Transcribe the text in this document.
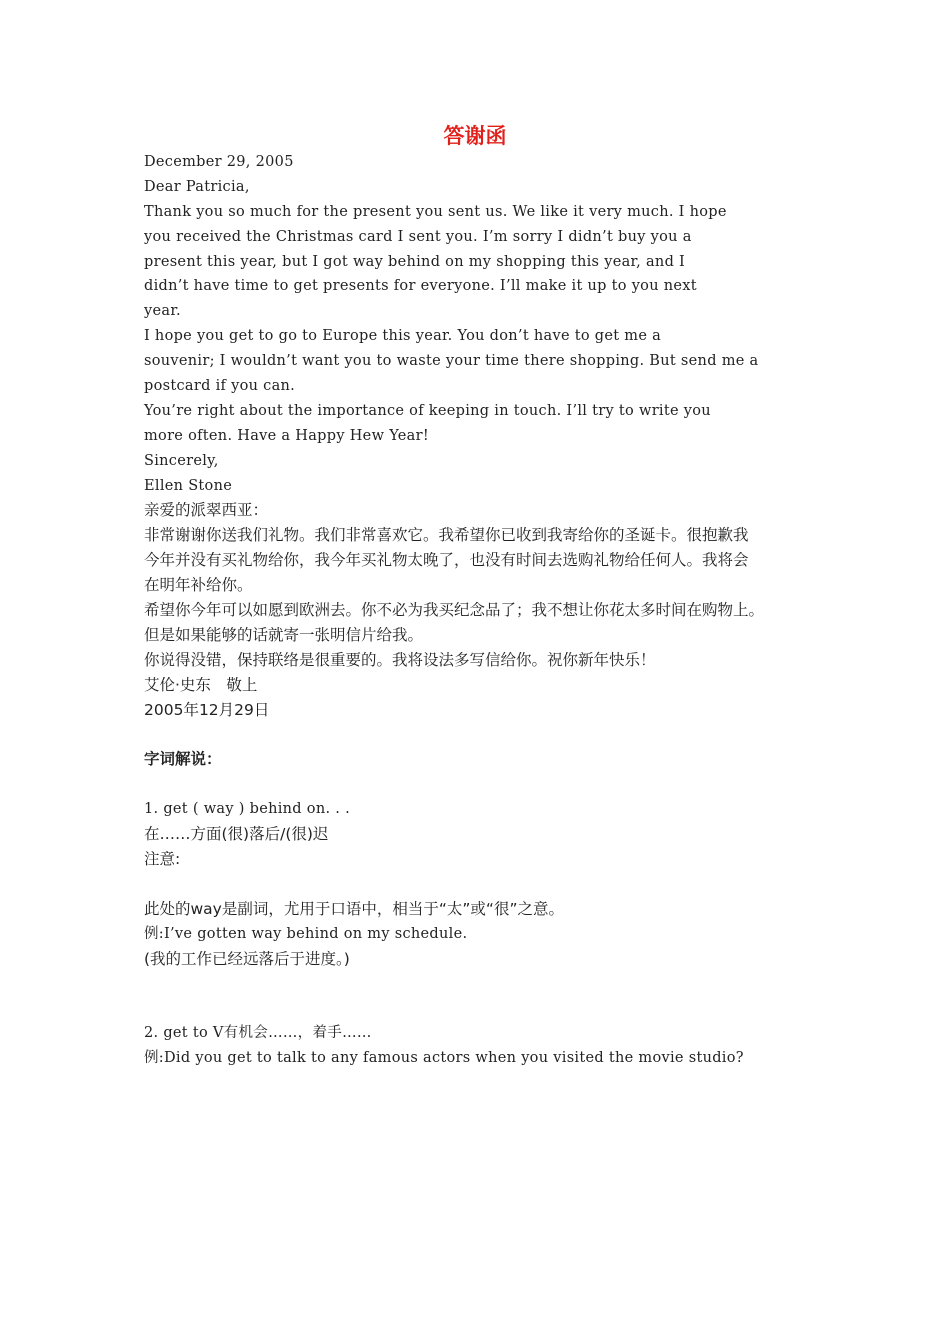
答谢函
December 29, 2005
Dear Patricia,
Thank you so much for the present you sent us. We like it very much. I hope
you received the Christmas card I sent you. I’m sorry I didn’t buy you a
present this year, but I got way behind on my shopping this year, and I
didn’t have time to get presents for everyone. I’ll make it up to you next
year.
I hope you get to go to Europe this year. You don’t have to get me a
souvenir; I wouldn’t want you to waste your time there shopping. But send me a
postcard if you can.
You’re right about the importance of keeping in touch. I’ll try to write you
more often. Have a Happy Hew Year!
Sincerely,
Ellen Stone
亲爱的派翠西亚：
非常谢谢你送我们礼物。我们非常喜欢它。我希望你已收到我寄给你的圣诞卡。很抱歉我
今年并没有买礼物给你，我今年买礼物太晚了，也没有时间去选购礼物给任何人。我将会
在明年补给你。
希望你今年可以如愿到欧洲去。你不必为我买纪念品了；我不想让你花太多时间在购物上。
但是如果能够的话就寄一张明信片给我。
你说得没错，保持联络是很重要的。我将设法多写信给你。祝你新年快乐！
艾伦·史东　敬上
2005年12月29日
字词解说：
1. get ( way ) behind on. . .
在……方面(很)落后/(很)迟
注意:
此处的way是副词，尤用于口语中，相当于“太”或“很”之意。
例:I’ve gotten way behind on my schedule.
(我的工作已经远落后于进度。)
2. get to V有机会……，着手……
例:Did you get to talk to any famous actors when you visited the movie studio?
